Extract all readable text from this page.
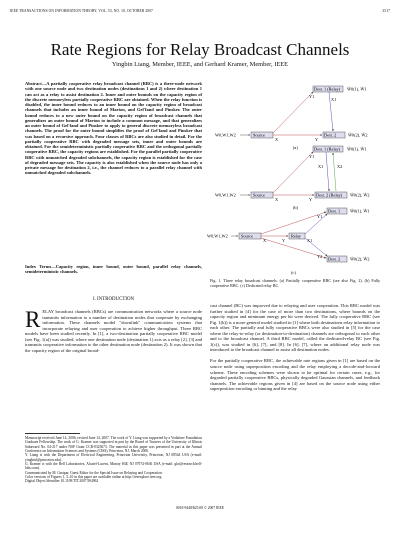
IEEE TRANSACTIONS ON INFORMATION THEORY, VOL. 53, NO. 10, OCTOBER 2007	3517
Rate Regions for Relay Broadcast Channels
Yingbin Liang, Member, IEEE, and Gerhard Kramer, Member, IEEE
Abstract—A partially cooperative relay broadcast channel (RBC) is a three-node network with one source node and two destination nodes (destinations 1 and 2) where destination 1 can act as a relay to assist destination 2. Inner and outer bounds on the capacity region of the discrete memoryless partially cooperative RBC are obtained. When the relay function is disabled, the inner bound reduces to an inner bound on the capacity region of broadcast channels that includes an inner bound of Marton, and Gel'fand and Pinsker. The outer bound reduces to a new outer bound on the capacity region of broadcast channels that generalizes an outer bound of Marton to include a common message, and that generalizes an outer bound of Gel'fand and Pinsker to apply to general discrete memoryless broadcast channels. The proof for the outer bound simplifies the proof of Gel'fand and Pinsker that was based on a recursive approach. Four classes of RBCs are also studied in detail. For the partially cooperative RBC with degraded message sets, inner and outer bounds are obtained. For the semideterministic partially cooperative RBC and the orthogonal partially cooperative RBC, the capacity regions are established. For the parallel partially cooperative RBC with unmatched degraded subchannels, the capacity region is established for the case of degraded message sets. The capacity is also established when the source node has only a private message for destination 2, i.e., the channel reduces to a parallel relay channel with unmatched degraded subchannels.
Index Terms—Capacity region, inner bound, outer bound, parallel relay channels, semideterministic channels.
I. INTRODUCTION
RELAY broadcast channels (RBCs) are communication networks where a source node transmits information to a number of destination nodes that cooperate by exchanging information. These channels model "downlink" communication systems that incorporate relaying and user cooperation to achieve higher throughput. Three RBC models have been studied recently. In [1], a two-destination partially cooperative RBC model (see Fig. 1(a)) was studied, where one destination node (destination 1) acts as a relay [2], [3] and transmits cooperative information to the other destination node (destination 2). It was shown that the capacity region of the original broad-
Manuscript received June 14, 2006; revised June 14, 2007. The work of Y. Liang was supported by a Vodafone Foundation Graduate Fellowship. The work of G. Kramer was supported in part by the Board of Trustees of the University of Illinois Subaward No. 04-217 under NSF Grant CCR-0325673. The material in this paper was presented in part at the Annual Conference on Information Sciences and Systems (CISS), Princeton, NJ, March 2006.
Y. Liang is with the Department of Electrical Engineering, Princeton University, Princeton, NJ 08544 USA (e-mail: yingbinl@princeton.edu).
G. Kramer is with the Bell Laboratories, Alcatel-Lucent, Murray Hill, NJ 07974-0636 USA (e-mail: gkr@research.bell-labs.com).
Communicated by M. Gastpar, Guest Editor for the Special Issue on Relaying and Cooperation.
Color versions of Figures 1, 3–10 in this paper are available online at http://ieeexplore.ieee.org.
Digital Object Identifier 10.1109/TIT.2007.904962
Source
W0,W1,W2
Dest. 1 (Relay) Ŵ0(1), Ŵ1
Dest. 2	Ŵ0(2), Ŵ2
Y1
X1
X	Y
(a)
Source
W0,W1,W2
Dest. 1 (Relay) Ŵ0(1), Ŵ1
Dest. 2 (Relay) Ŵ0(2), Ŵ2
Y1
X1	X2
X	Y
(b)
Source
W0,W1,W2	Relay
Dest. 1 Ŵ0(1), Ŵ1
Dest. 2 Ŵ0(2), Ŵ2
X	Y	X1
Y1
Y2
(c)
Fig. 1. Three relay broadcast channels. (a) Partially cooperative RBC (see also Fig. 2). (b) Fully cooperative RBC. (c) Dedicated relay BC.
cast channel (BC) was improved due to relaying and user cooperation. This RBC model was further studied in [4] for the case of more than two destinations, where bounds on the capacity region and minimum energy per bit were derived. The fully cooperative RBC (see Fig. 1(b)) is a more general model studied in [1] where both destinations relay information to each other. The partially and fully cooperative RBCs were also studied in [5] for the case where the relay-to-relay (or destination-to-destination) channels are orthogonal to each other and to the broadcast channel. A third RBC model, called the dedicated-relay BC (see Fig. 1(c)), was studied in [6], [7], and [8]. In [6], [7], where an additional relay node was introduced to the broadcast channel to assist all destination nodes.

For the partially cooperative RBC, the achievable rate regions given in [1] are based on the source node using superposition encoding and the relay employing a decode-and-forward scheme. These encoding schemes were shown to be optimal for certain cases; e.g., for degraded partially cooperative RBCs, physically degraded Gaussian channels, and feedback channels. The achievable regions given in [4] are based on the source node using either superposition encoding or binning and the relay
0018-9448/$25.00 © 2007 IEEE
